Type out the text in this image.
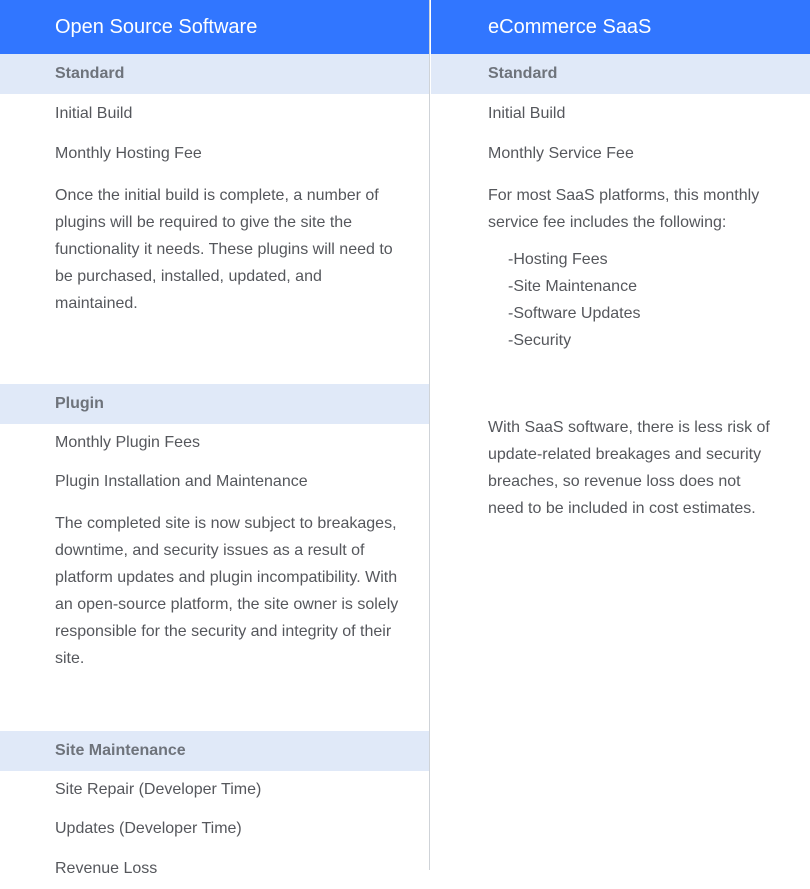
Open Source Software
Standard
Initial Build
Monthly Hosting Fee
Once the initial build is complete, a number of plugins will be required to give the site the functionality it needs. These plugins will need to be purchased, installed, updated, and maintained.
Plugin
Monthly Plugin Fees
Plugin Installation and Maintenance
The completed site is now subject to breakages, downtime, and security issues as a result of platform updates and plugin incompatibility. With an open-source platform, the site owner is solely responsible for the security and integrity of their site.
Site Maintenance
Site Repair (Developer Time)
Updates (Developer Time)
Revenue Loss
eCommerce SaaS
Standard
Initial Build
Monthly Service Fee
For most SaaS platforms, this monthly service fee includes the following:
-Hosting Fees
-Site Maintenance
-Software Updates
-Security
With SaaS software, there is less risk of update-related breakages and security breaches, so revenue loss does not need to be included in cost estimates.
